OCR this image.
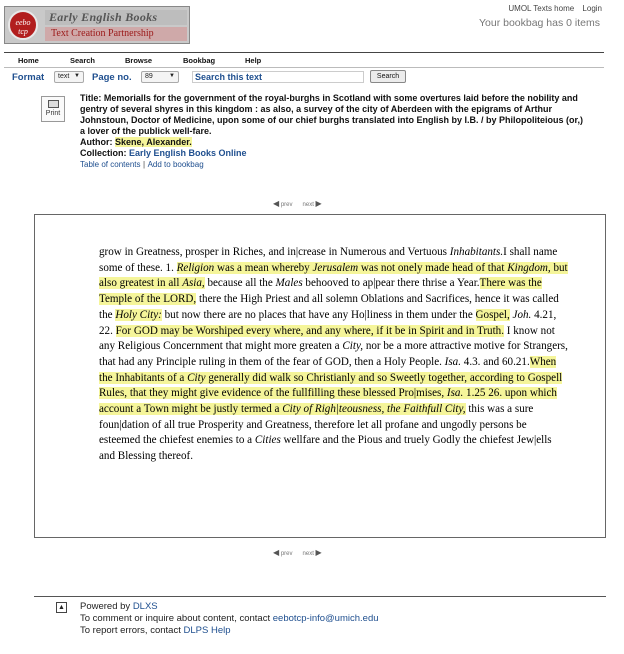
eebo tcp
Early English Books
Text Creation Partnership
UMOL Texts home Login
Your bookbag has 0 items
Home	Search	Browse	Bookbag	Help
Format	text ▼ Page no.	89	▼	Search this text	Search
Print
Title: Memorialls for the government of the royal-burghs in Scotland with some overtures laid before the nobility and gentry of several shyres in this kingdom : as also, a survey of the city of Aberdeen with the epigrams of Arthur Johnstoun, Doctor of Medicine, upon some of our chief burghs translated into English by I.B. / by Philopoliteious (or,) a lover of the publick well-fare.
Author: Skene, Alexander.
Collection: Early English Books Online
Table of contents | Add to bookbag
◀ prev next ▶
grow in Greatness, prosper in Riches, and in|crease in Numerous and Vertuous Inhabitants.I shall name some of these. 1. Religion was a mean whereby Jerusalem was not onely made head of that Kingdom, but also greatest in all Asia, because all the Males behooved to ap|pear there thrise a Year.There was the Temple of the LORD, there the High Priest and all solemn Oblations and Sacrifices, hence it was called the Holy City: but now there are no places that have any Ho|liness in them under the Gospel, Joh. 4.21, 22. For GOD may be Worshiped every where, and any where, if it be in Spirit and in Truth. I know not any Religious Concernment that might more greaten a City, nor be a more attractive motive for Strangers, that had any Principle ruling in them of the fear of GOD, then a Holy People. Isa. 4.3. and 60.21.When the Inhabitants of a City generally did walk so Christianly and so Sweetly together, according to Gospell Rules, that they might give evidence of the fullfilling these blessed Pro|mises, Isa. 1.25 26. upon which account a Town might be justly termed a City of Righ|teousness, the Faithfull City, this was a sure foun|dation of all true Prosperity and Greatness, therefore let all profane and ungodly persons be esteemed the chiefest enemies to a Cities wellfare and the Pious and truely Godly the chiefest Jew|ells and Blessing thereof.
◀ prev next ▶
▲ Powered by DLXS
To comment or inquire about content, contact eebotcp-info@umich.edu
To report errors, contact DLPS Help
